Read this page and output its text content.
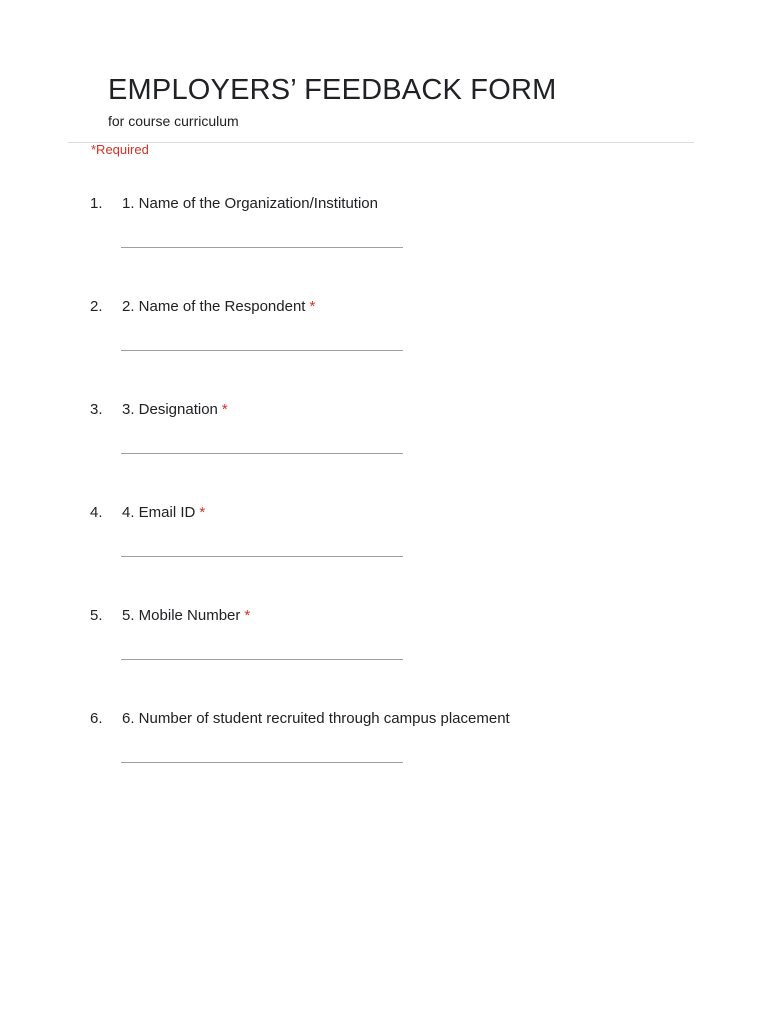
EMPLOYERS’ FEEDBACK FORM
for course curriculum
*Required
1. 1. Name of the Organization/Institution
2. 2. Name of the Respondent *
3. 3. Designation *
4. 4. Email ID *
5. 5. Mobile Number *
6. 6. Number of student recruited through campus placement
